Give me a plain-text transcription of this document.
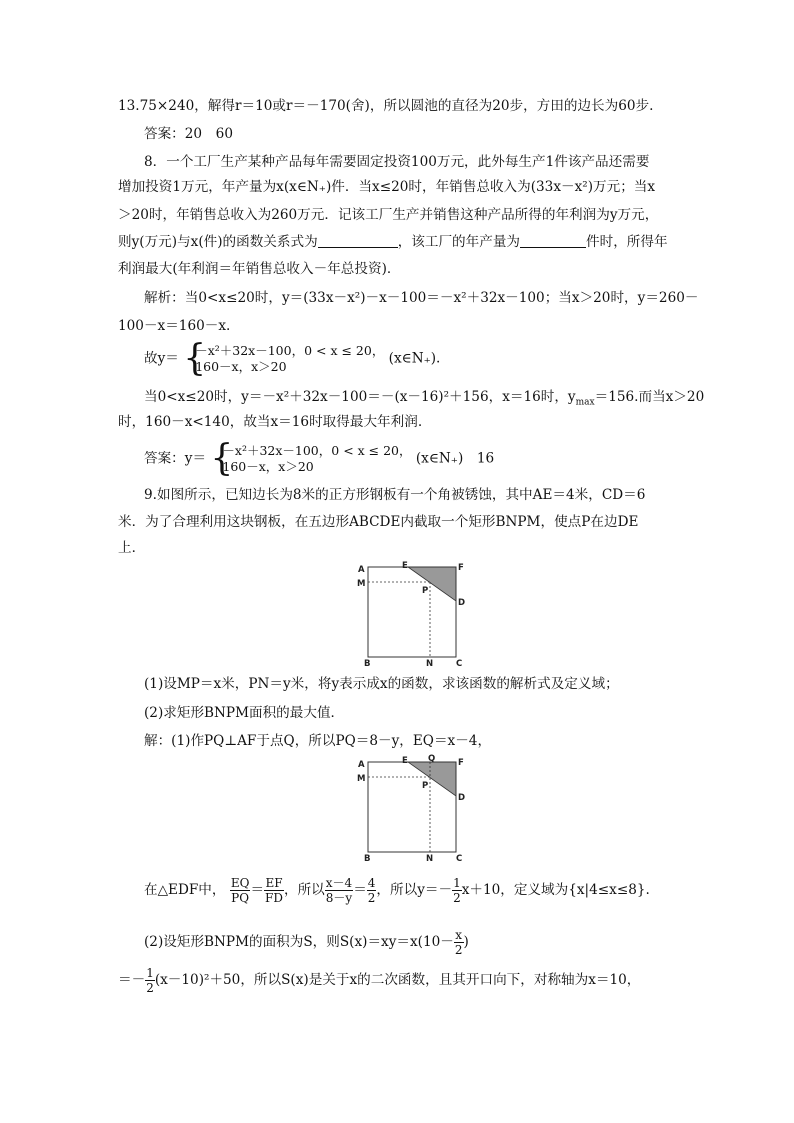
13.75×240，解得r＝10或r＝－170(舍)，所以圆池的直径为20步，方田的边长为60步.
答案：20　60
8．一个工厂生产某种产品每年需要固定投资100万元，此外每生产1件该产品还需要
增加投资1万元，年产量为x(x∈N₊)件．当x≤20时，年销售总收入为(33x－x²)万元；当x
＞20时，年销售总收入为260万元．记该工厂生产并销售这种产品所得的年利润为y万元，
则y(万元)与x(件)的函数关系式为	，该工厂的年产量为	件时，所得年
利润最大(年利润＝年销售总收入－年总投资)．
解析：当0<x≤20时，y＝(33x－x²)－x－100＝－x²＋32x－100；当x＞20时，y＝260－
100－x＝160－x.
故y＝ {
－x²＋32x－100，0 < x ≤ 20，
160－x，x＞20	(x∈N₊).
当0<x≤20时，y＝－x²＋32x－100＝－(x－16)²＋156，x＝16时，$y_{max}=156$.而当x＞20
时，160－x<140，故当x＝16时取得最大年利润.
答案：y＝ {
－x²＋32x－100，0 < x ≤ 20，
160－x，x＞20	(x∈N₊)　16
9.如图所示，已知边长为8米的正方形钢板有一个角被锈蚀，其中AE＝4米，CD＝6
米．为了合理利用这块钢板，在五边形ABCDE内截取一个矩形BNPM，使点P在边DE
上．
A
M
E	F
D
P
B	N	C
(1)设MP＝x米，PN＝y米，将y表示成x的函数，求该函数的解析式及定义域；
(2)求矩形BNPM面积的最大值．
解：(1)作PQ⊥AF于点Q，所以PQ＝8－y，EQ＝x－4，
A
M
E Q	F
D
P
B	N	C
在△EDF中， $\frac{EQ}{PQ} = \frac{EF}{FD}$ ，所以 $\frac{x-4}{8-y} = \frac{4}{2}$ ，所以$y=- \frac{1}{2} x+10$，定义域为{x|4≤x≤8}.
(2)设矩形BNPM的面积为S，则$S(x)=xy=x(10- \frac{x}{2}$ )
＝－ $\frac{1}{2} (x-10)^2+50$，所以S(x)是关于x的二次函数，且其开口向下，对称轴为x＝10，
